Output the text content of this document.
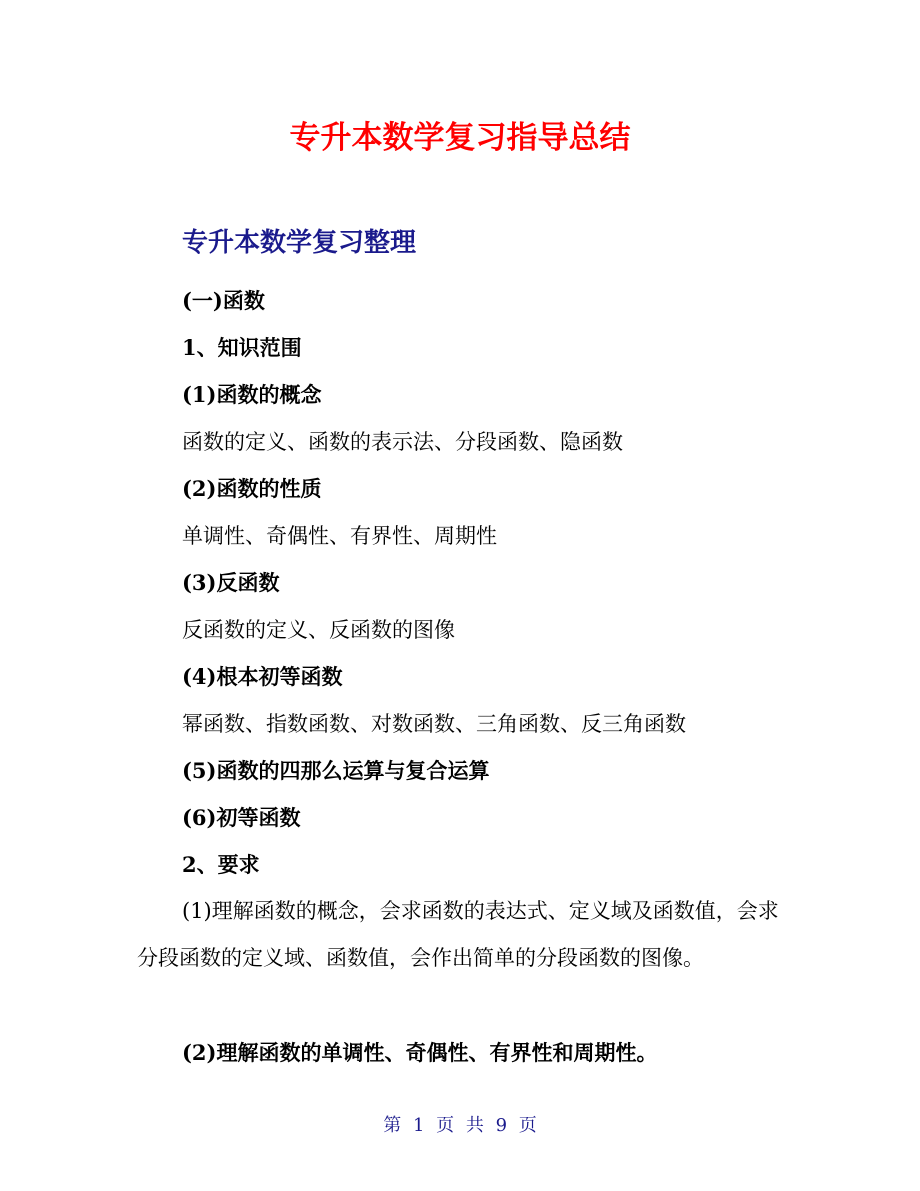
专升本数学复习指导总结
专升本数学复习整理

(一)函数

1、知识范围

(1)函数的概念

函数的定义、函数的表示法、分段函数、隐函数

(2)函数的性质

单调性、奇偶性、有界性、周期性

(3)反函数

反函数的定义、反函数的图像

(4)根本初等函数

幂函数、指数函数、对数函数、三角函数、反三角函数

(5)函数的四那么运算与复合运算

(6)初等函数

2、要求

(1)理解函数的概念，会求函数的表达式、定义域及函数值，会求分段函数的定义域、函数值，会作出简单的分段函数的图像。

(2)理解函数的单调性、奇偶性、有界性和周期性。

第 1 页 共 9 页
